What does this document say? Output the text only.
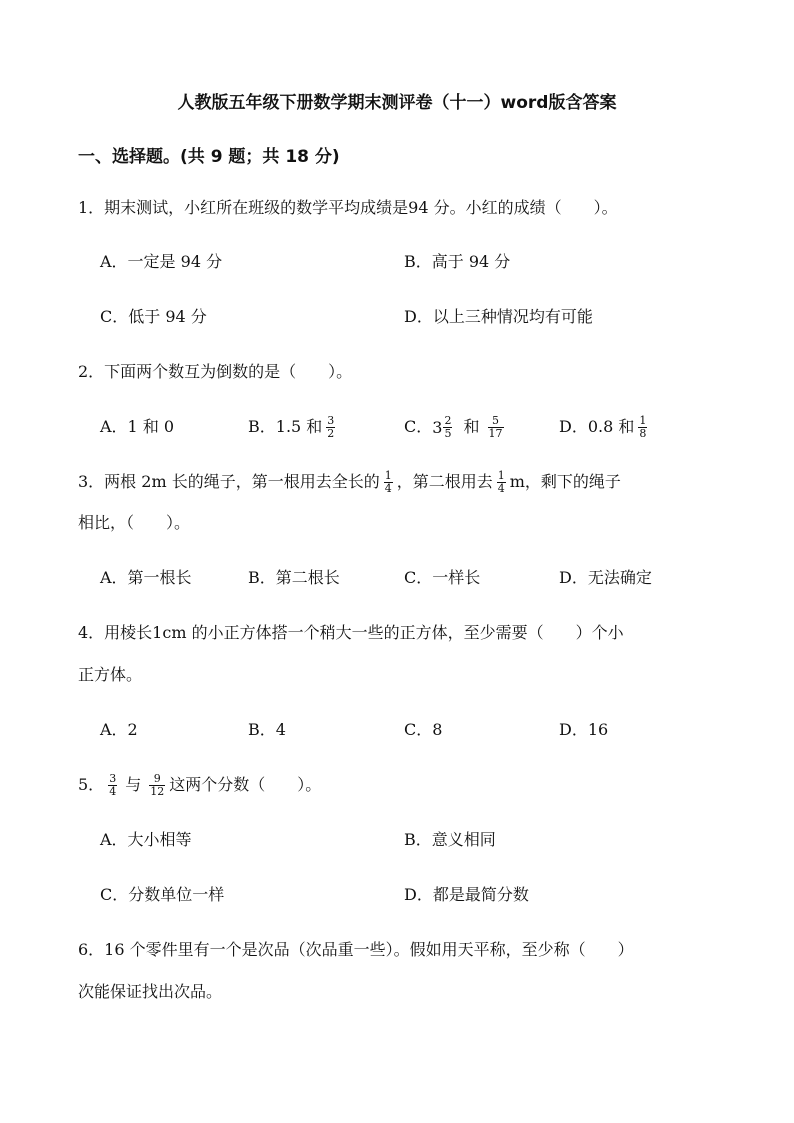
人教版五年级下册数学期末测评卷（十一）word版含答案
一、选择题。(共 9 题；共 18 分)
1．期末测试，小红所在班级的数学平均成绩是94 分。小红的成绩（　　）。
A．一定是 94 分	B．高于 94 分
C．低于 94 分	D．以上三种情况均有可能
2．下面两个数互为倒数的是（　　）。
A．1 和 0	B．1.5 和 $\frac{3}{2}$	C． $3 \frac{2}{5}$ 和 $\frac{5}{17}$	D．0.8 和 $\frac{1}{8}$
3．两根 2m 长的绳子，第一根用去全长的 $\frac{1}{4}$ ，第二根用去 $\frac{1}{4}$ m，剩下的绳子
相比，（　　）。
A．第一根长	B．第二根长	C．一样长	D．无法确定
4．用棱长1cm 的小正方体搭一个稍大一些的正方体，至少需要（　　）个小
正方体。
A．2	B．4	C．8	D．16
5． $\frac{3}{4}$ 与 $\frac{9}{12}$ 这两个分数（　　）。
A．大小相等	B．意义相同
C．分数单位一样	D．都是最简分数
6．16 个零件里有一个是次品（次品重一些）。假如用天平称，至少称（　　）
次能保证找出次品。
